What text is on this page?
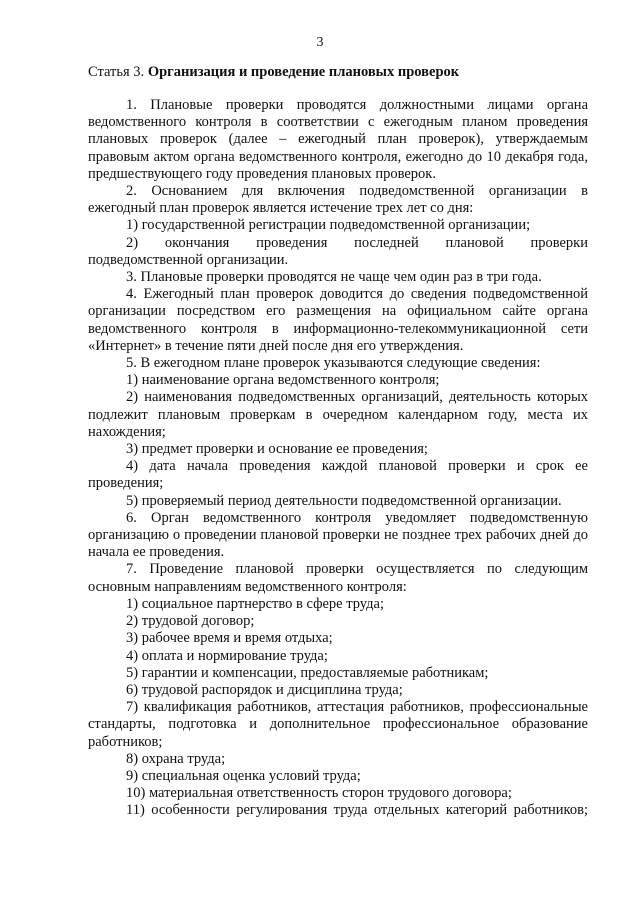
3
Статья 3. Организация и проведение плановых проверок

1. Плановые проверки проводятся должностными лицами органа ведомственного контроля в соответствии с ежегодным планом проведения плановых проверок (далее – ежегодный план проверок), утверждаемым правовым актом органа ведомственного контроля, ежегодно до 10 декабря года, предшествующего году проведения плановых проверок.

2. Основанием для включения подведомственной организации в ежегодный план проверок является истечение трех лет со дня:

1) государственной регистрации подведомственной организации;

2) окончания проведения последней плановой проверки подведомственной организации.

3. Плановые проверки проводятся не чаще чем один раз в три года.

4. Ежегодный план проверок доводится до сведения подведомственной организации посредством его размещения на официальном сайте органа ведомственного контроля в информационно-телекоммуникационной сети «Интернет» в течение пяти дней после дня его утверждения.

5. В ежегодном плане проверок указываются следующие сведения:

1) наименование органа ведомственного контроля;

2) наименования подведомственных организаций, деятельность которых подлежит плановым проверкам в очередном календарном году, места их нахождения;

3) предмет проверки и основание ее проведения;

4) дата начала проведения каждой плановой проверки и срок ее проведения;

5) проверяемый период деятельности подведомственной организации.

6. Орган ведомственного контроля уведомляет подведомственную организацию о проведении плановой проверки не позднее трех рабочих дней до начала ее проведения.

7. Проведение плановой проверки осуществляется по следующим основным направлениям ведомственного контроля:

1) социальное партнерство в сфере труда;

2) трудовой договор;

3) рабочее время и время отдыха;

4) оплата и нормирование труда;

5) гарантии и компенсации, предоставляемые работникам;

6) трудовой распорядок и дисциплина труда;

7) квалификация работников, аттестация работников, профессиональные стандарты, подготовка и дополнительное профессиональное образование работников;

8) охрана труда;

9) специальная оценка условий труда;

10) материальная ответственность сторон трудового договора;

11) особенности регулирования труда отдельных категорий работников;
